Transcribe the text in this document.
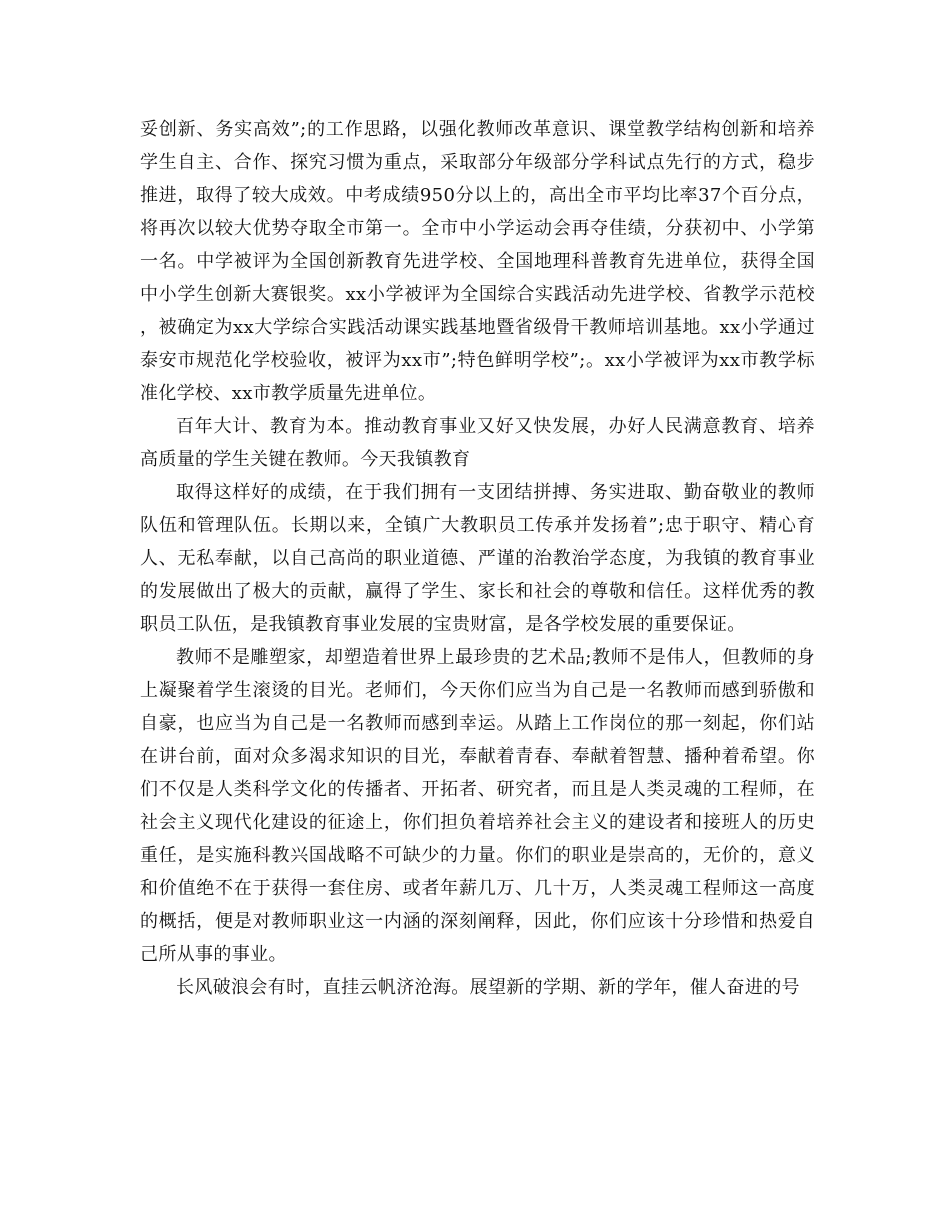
妥创新、务实高效”;的工作思路，以强化教师改革意识、课堂教学结构创新和培养学生自主、合作、探究习惯为重点，采取部分年级部分学科试点先行的方式，稳步推进，取得了较大成效。中考成绩950分以上的，高出全市平均比率37个百分点，将再次以较大优势夺取全市第一。全市中小学运动会再夺佳绩，分获初中、小学第一名。中学被评为全国创新教育先进学校、全国地理科普教育先进单位，获得全国中小学生创新大赛银奖。xx小学被评为全国综合实践活动先进学校、省教学示范校，被确定为xx大学综合实践活动课实践基地暨省级骨干教师培训基地。xx小学通过泰安市规范化学校验收，被评为xx市”;特色鲜明学校”;。xx小学被评为xx市教学标准化学校、xx市教学质量先进单位。

百年大计、教育为本。推动教育事业又好又快发展，办好人民满意教育、培养高质量的学生关键在教师。今天我镇教育

取得这样好的成绩，在于我们拥有一支团结拼搏、务实进取、勤奋敬业的教师队伍和管理队伍。长期以来，全镇广大教职员工传承并发扬着”;忠于职守、精心育人、无私奉献，以自己高尚的职业道德、严谨的治教治学态度，为我镇的教育事业的发展做出了极大的贡献，赢得了学生、家长和社会的尊敬和信任。这样优秀的教职员工队伍，是我镇教育事业发展的宝贵财富，是各学校发展的重要保证。

教师不是雕塑家，却塑造着世界上最珍贵的艺术品;教师不是伟人，但教师的身上凝聚着学生滚烫的目光。老师们，今天你们应当为自己是一名教师而感到骄傲和自豪，也应当为自己是一名教师而感到幸运。从踏上工作岗位的那一刻起，你们站在讲台前，面对众多渴求知识的目光，奉献着青春、奉献着智慧、播种着希望。你们不仅是人类科学文化的传播者、开拓者、研究者，而且是人类灵魂的工程师，在社会主义现代化建设的征途上，你们担负着培养社会主义的建设者和接班人的历史重任，是实施科教兴国战略不可缺少的力量。你们的职业是崇高的，无价的，意义和价值绝不在于获得一套住房、或者年薪几万、几十万，人类灵魂工程师这一高度的概括，便是对教师职业这一内涵的深刻阐释，因此，你们应该十分珍惜和热爱自己所从事的事业。

长风破浪会有时，直挂云帆济沧海。展望新的学期、新的学年，催人奋进的号
